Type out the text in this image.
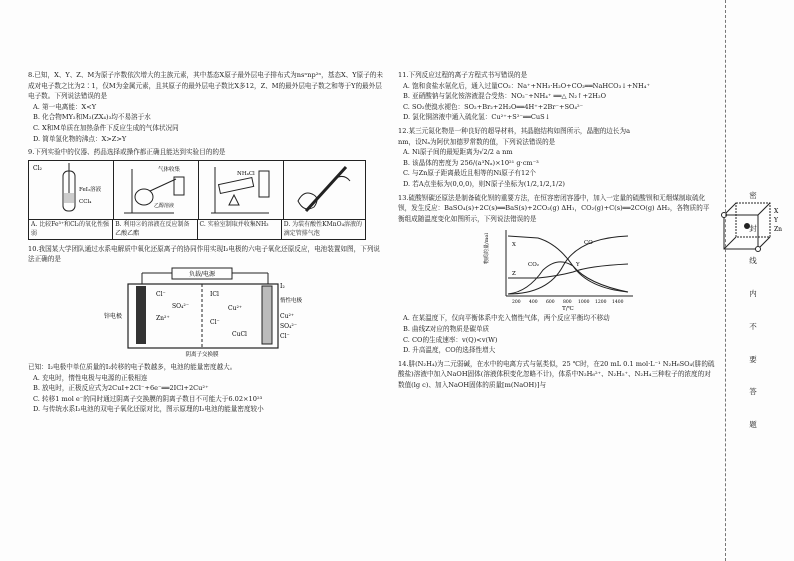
8.已知，X、Y、Z、M为原子序数依次增大的主族元素，其中基态X原子最外层电子排布式为nsⁿnp²ⁿ，基态X、Y原子的未成对电子数之比为2∶1，仅M为金属元素，且其原子的最外层电子数比X多12，Z、M的最外层电子数之和等于Y的最外层电子数。下列说法错误的是
A. 第一电离能：X<Y
B. 化合物MY₂和M₂(ZX₄)₃均不易溶于水
C. X和M单质在加热条件下反应生成的气体状况同
D. 简单氢化物的沸点：X>Z>Y
9.下列实验中的仪器、药品选择或操作都正确且能达到实验目的的是
Cl₂
FeI₂溶液
CCl₄
气体收集
乙醇溶液
NH₄Cl
A. 比较Fe³⁺和Cl₂的氧化性强弱
B. 利用②的溶液在反应制备乙酸乙酯
C. 实验室制取并收集NH₃	D. 为装有酸性KMnO₄溶液的滴定管排气泡
10.我国某大学团队通过水系电解质中氧化还原离子的协同作用实现I₂电极的六电子氧化还原反应，电池装置如图，下列说法正确的是
负载/电源
锌电极
惰性电极
阴离子交换膜
Cl⁻
Zn²⁺
SO₄²⁻
ICl
Cu²⁺
Cl⁻
CuCl
I₂
Cu²⁺
SO₄²⁻
Cl⁻
已知：I₂电极中单位质量的I₂转移的电子数越多，电池的能量密度越大。
A. 充电时，惰性电极与电源的正极相连
B. 放电时，正极反应式为2CuI+2Cl⁻+6e⁻══2ICl+2Cu²⁺
C. 转移1 mol e⁻的同时通过阴离子交换膜的阴离子数目不可能大于6.02×10²³
D. 与传统水系I₂电池的双电子氧化还原对比，图示原理的I₂电池的能量密度较小
11.下列反应过程的离子方程式书写错误的是
A. 饱和食盐水氨化后，通入过量CO₂：Na⁺+NH₃·H₂O+CO₂══NaHCO₃↓+NH₄⁺
B. 亚硝酸钠与氯化铵溶液混合受热：NO₂⁻+NH₄⁺ ══△ N₂↑+2H₂O
C. SO₂使溴水褪色：SO₂+Br₂+2H₂O══4H⁺+2Br⁻+SO₄²⁻
D. 氯化铜溶液中通入硫化氢：Cu²⁺+S²⁻══CuS↓
12.某三元氮化物是一种良好的超导材料，其晶胞结构如图所示，晶胞的边长为a nm，设Nₐ为阿伏加德罗常数的值，下列说法错误的是
A. Ni原子间的最短距离为√2/2 a nm
B. 该晶体的密度为 256/(a³Nₐ)×10²¹ g·cm⁻³
C. 与Zn原子距离最近且相等的Ni原子有12个
D. 若A点坐标为(0,0,0)，则N原子坐标为(1/2,1/2,1/2)
13.硫酸钡碳还原法是制备硫化钡的重要方法，在恒容密闭容器中，加入一定量的硫酸钡和无烟煤制取硫化钡，发生反应：BaSO₄(s)+2C(s)══BaS(s)+2CO₂(g) ΔH₁，CO₂(g)+C(s)══2CO(g) ΔH₂，各物质的平衡组成随温度变化如图所示，下列说法错误的是
物质的量/mol
T/℃
200 400 600 800 1000 1200 1400
X
Y
Z
CO
CO₂
A. 在某温度下，仅向平衡体系中充入惰性气体，两个反应平衡均不移动
B. 曲线Z对应的物质是碳单质
C. CO的生成速率：v(Q)<v(W)
D. 升高温度，CO的选择性增大
14.肼(N₂H₄)为二元弱碱，在水中的电离方式与氨类似，25 ℃时，在20 mL 0.1 mol·L⁻¹ N₂H₆SO₄(肼的硫酸盐)溶液中加入NaOH固体(溶液体积变化忽略不计)，体系中N₂H₆²⁺、N₂H₅⁺、N₂H₄三种粒子的浓度的对数值(lg c)、加入NaOH固体的质量[m(NaOH)]与
X
Y
Zn
密
封
线
内
不
要
答
题
